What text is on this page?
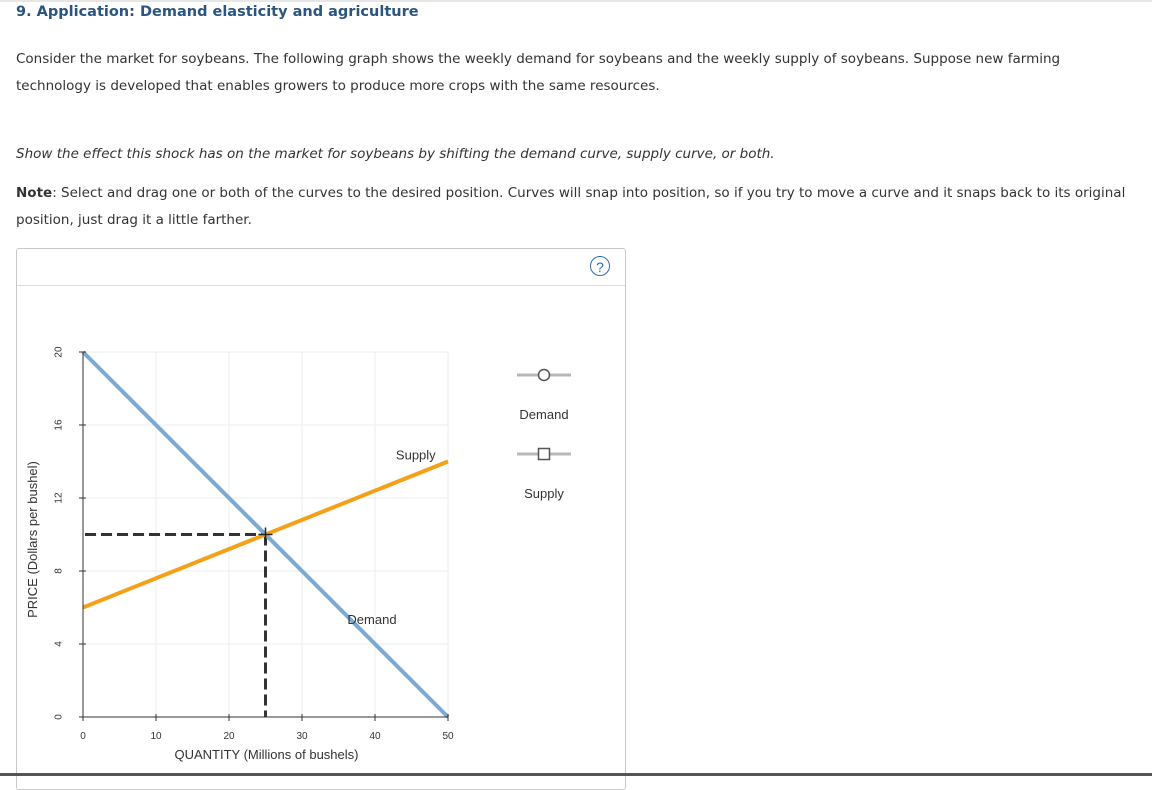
9. Application: Demand elasticity and agriculture
Consider the market for soybeans. The following graph shows the weekly demand for soybeans and the weekly supply of soybeans. Suppose new farming technology is developed that enables growers to produce more crops with the same resources.
Show the effect this shock has on the market for soybeans by shifting the demand curve, supply curve, or both.
Note: Select and drag one or both of the curves to the desired position. Curves will snap into position, so if you try to move a curve and it snaps back to its original position, just drag it a little farther.
?
Demand
Supply
0	10	20	30	40	50
0
4
8
12
16
20
QUANTITY (Millions of bushels)
PRICE (Dollars per bushel)
Demand
Supply
